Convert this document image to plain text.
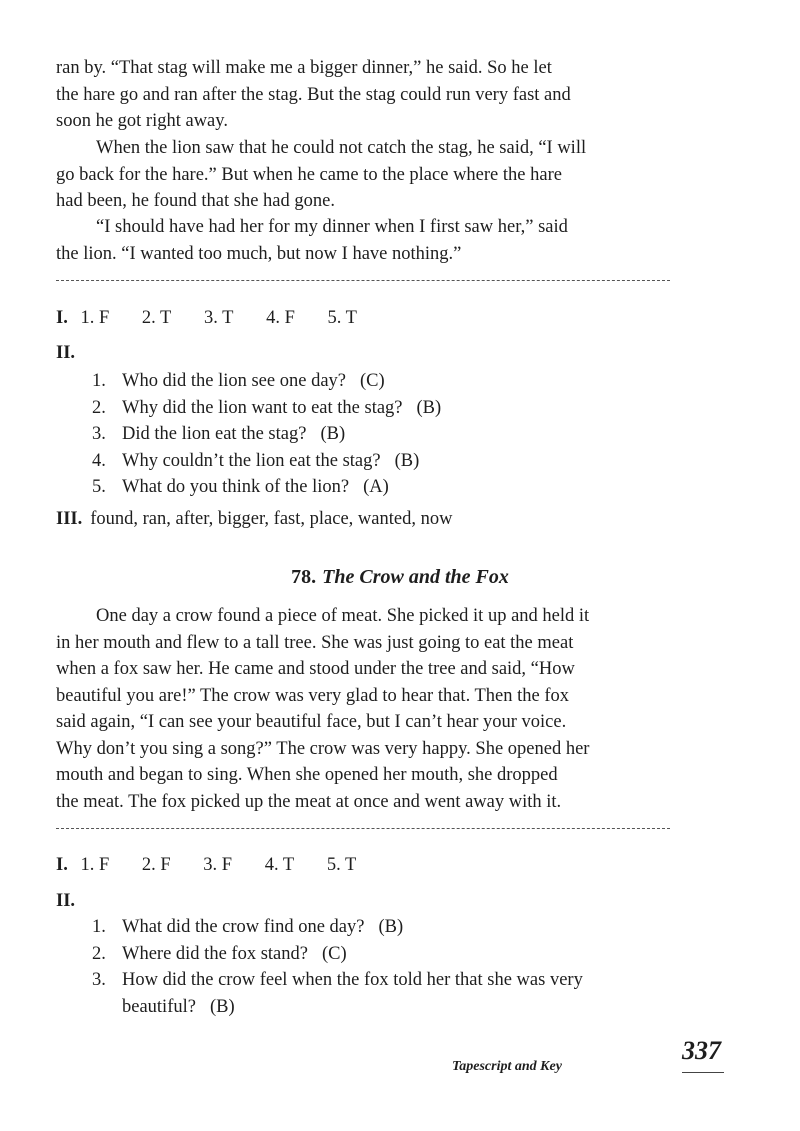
ran by. “That stag will make me a bigger dinner,” he said. So he let
the hare go and ran after the stag. But the stag could run very fast and
soon he got right away.
When the lion saw that he could not catch the stag, he said, “I will
go back for the hare.” But when he came to the place where the hare
had been, he found that she had gone.
“I should have had her for my dinner when I first saw her,” said
the lion. “I wanted too much, but now I have nothing.”
I. 1. F 2. T 3. T 4. F 5. T
II.
1. Who did the lion see one day? (C)
2. Why did the lion want to eat the stag? (B)
3. Did the lion eat the stag? (B)
4. Why couldn’t the lion eat the stag? (B)
5. What do you think of the lion? (A)
III. found, ran, after, bigger, fast, place, wanted, now
78. The Crow and the Fox
One day a crow found a piece of meat. She picked it up and held it
in her mouth and flew to a tall tree. She was just going to eat the meat
when a fox saw her. He came and stood under the tree and said, “How
beautiful you are!” The crow was very glad to hear that. Then the fox
said again, “I can see your beautiful face, but I can’t hear your voice.
Why don’t you sing a song?” The crow was very happy. She opened her
mouth and began to sing. When she opened her mouth, she dropped
the meat. The fox picked up the meat at once and went away with it.
I. 1. F 2. F 3. F 4. T 5. T
II.
1. What did the crow find one day? (B)
2. Where did the fox stand? (C)
3. How did the crow feel when the fox told her that she was very
beautiful? (B)
Tapescript and Key
337
